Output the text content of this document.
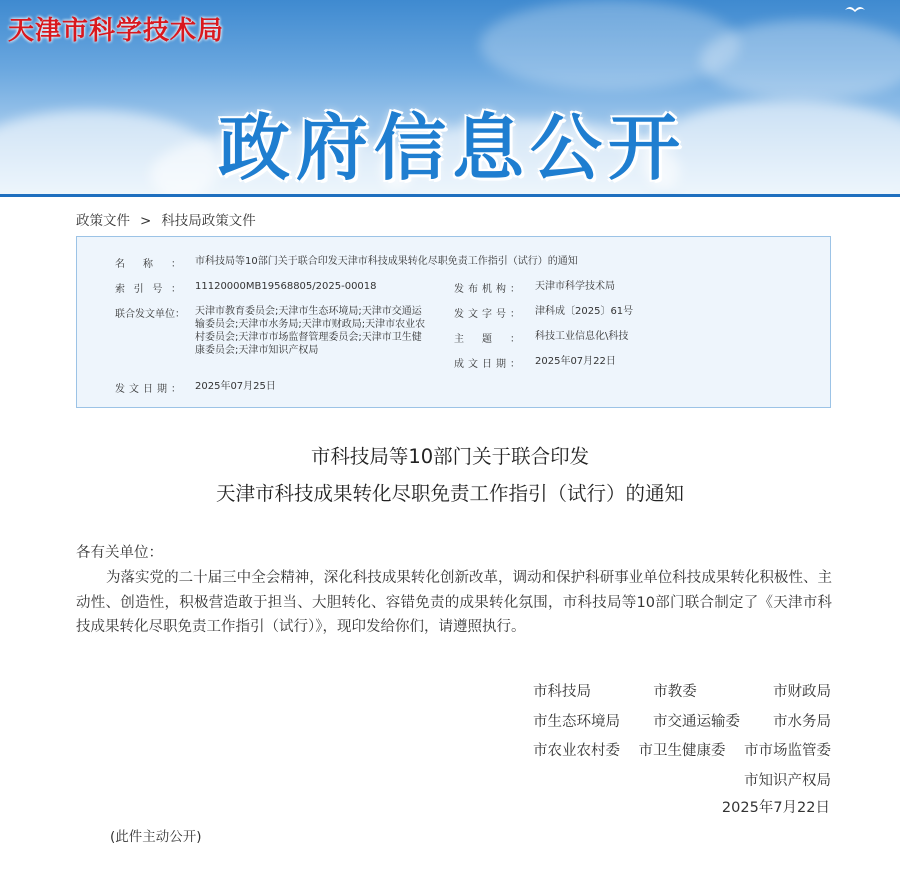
天津市科学技术局
政府信息公开
政策文件 > 科技局政策文件
名 称 ： 市科技局等10部门关于联合印发天津市科技成果转化尽职免责工作指引（试行）的通知
索 引 号 ： 11120000MB19568805/2025-00018	发 布 机 构 ： 天津市科学技术局
联合发文单位： 天津市教育委员会;天津市生态环境局;天津市交通运
输委员会;天津市水务局;天津市财政局;天津市农业农
村委员会;天津市市场监督管理委员会;天津市卫生健
康委员会;天津市知识产权局
发 文 字 号 ： 津科成〔2025〕61号
主 题 ： 科技工业信息化\科技
成 文 日 期 ： 2025年07月22日
发 文 日 期 ： 2025年07月25日
市科技局等10部门关于联合印发
天津市科技成果转化尽职免责工作指引（试行）的通知
各有关单位：
为落实党的二十届三中全会精神，深化科技成果转化创新改革，调动和保护科研事业单位科技成果转化积极性、主动性、创造性，积极营造敢于担当、大胆转化、容错免责的成果转化氛围，市科技局等10部门联合制定了《天津市科技成果转化尽职免责工作指引（试行）》，现印发给你们，请遵照执行。
市科技局	市教委	市财政局
市生态环境局 市交通运输委 市水务局
市农业农村委 市卫生健康委 市市场监管委
市知识产权局
2025年7月22日
(此件主动公开)
